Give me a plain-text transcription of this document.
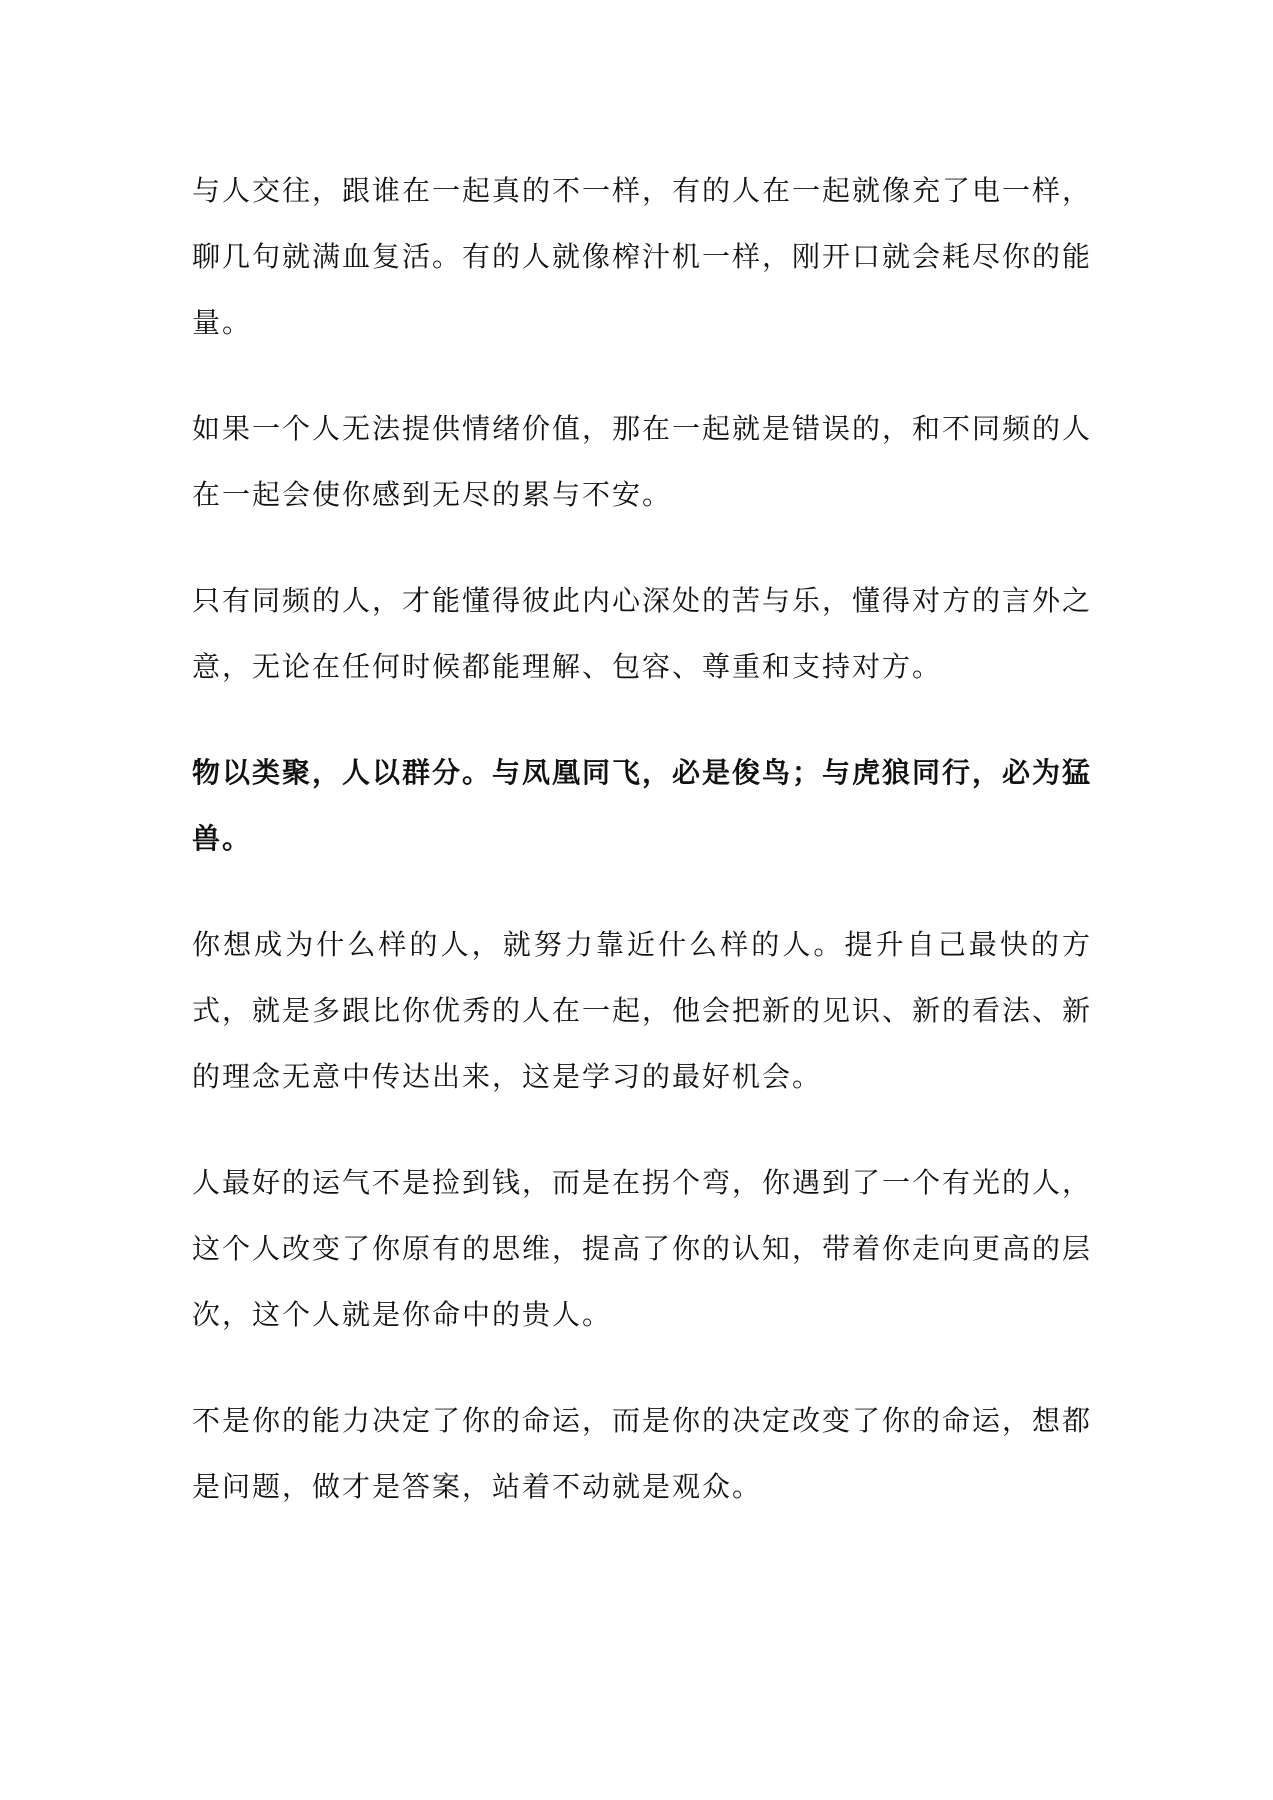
与人交往，跟谁在一起真的不一样，有的人在一起就像充了电一样，聊几句就满血复活。有的人就像榨汁机一样，刚开口就会耗尽你的能量。

如果一个人无法提供情绪价值，那在一起就是错误的，和不同频的人在一起会使你感到无尽的累与不安。

只有同频的人，才能懂得彼此内心深处的苦与乐，懂得对方的言外之意，无论在任何时候都能理解、包容、尊重和支持对方。

物以类聚，人以群分。与凤凰同飞，必是俊鸟；与虎狼同行，必为猛兽。

你想成为什么样的人，就努力靠近什么样的人。提升自己最快的方式，就是多跟比你优秀的人在一起，他会把新的见识、新的看法、新的理念无意中传达出来，这是学习的最好机会。

人最好的运气不是捡到钱，而是在拐个弯，你遇到了一个有光的人，这个人改变了你原有的思维，提高了你的认知，带着你走向更高的层次，这个人就是你命中的贵人。

不是你的能力决定了你的命运，而是你的决定改变了你的命运，想都是问题，做才是答案，站着不动就是观众。
